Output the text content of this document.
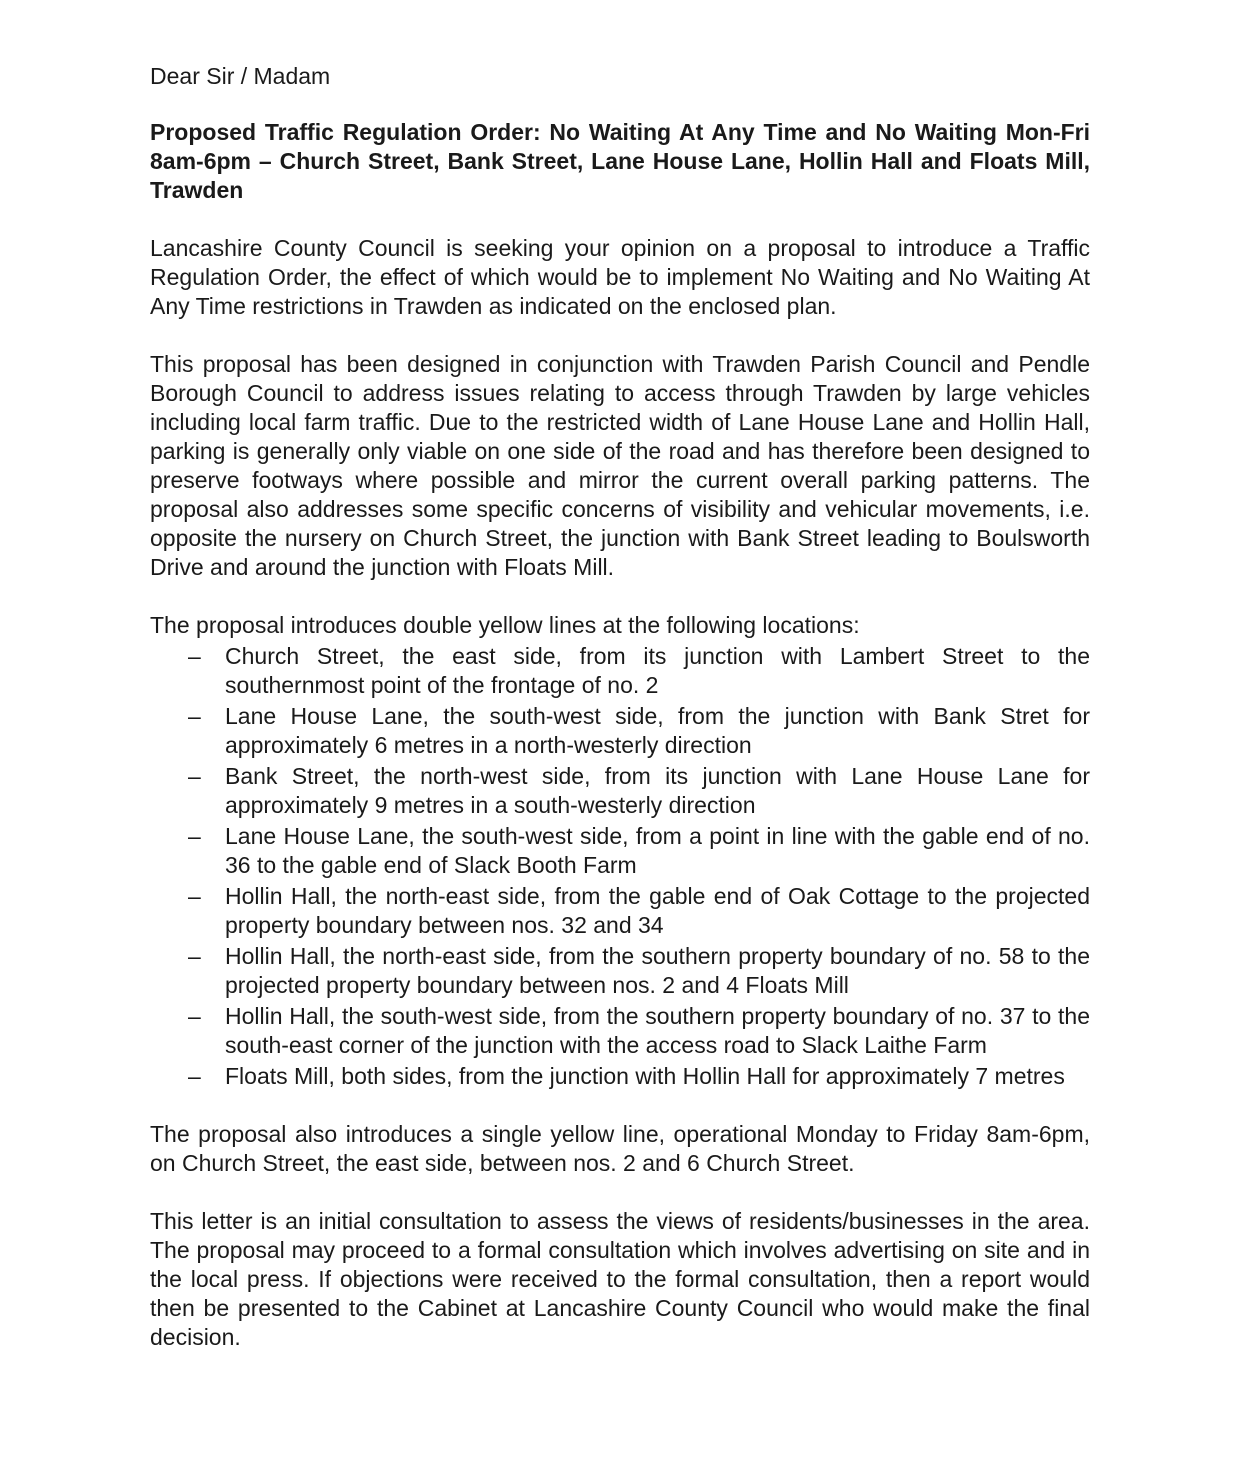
Dear Sir / Madam

Proposed Traffic Regulation Order: No Waiting At Any Time and No Waiting Mon-Fri 8am-6pm – Church Street, Bank Street, Lane House Lane, Hollin Hall and Floats Mill, Trawden

Lancashire County Council is seeking your opinion on a proposal to introduce a Traffic Regulation Order, the effect of which would be to implement No Waiting and No Waiting At Any Time restrictions in Trawden as indicated on the enclosed plan.

This proposal has been designed in conjunction with Trawden Parish Council and Pendle Borough Council to address issues relating to access through Trawden by large vehicles including local farm traffic. Due to the restricted width of Lane House Lane and Hollin Hall, parking is generally only viable on one side of the road and has therefore been designed to preserve footways where possible and mirror the current overall parking patterns. The proposal also addresses some specific concerns of visibility and vehicular movements, i.e. opposite the nursery on Church Street, the junction with Bank Street leading to Boulsworth Drive and around the junction with Floats Mill.

The proposal introduces double yellow lines at the following locations:

– Church Street, the east side, from its junction with Lambert Street to the southernmost point of the frontage of no. 2
– Lane House Lane, the south-west side, from the junction with Bank Stret for approximately 6 metres in a north-westerly direction
– Bank Street, the north-west side, from its junction with Lane House Lane for approximately 9 metres in a south-westerly direction
– Lane House Lane, the south-west side, from a point in line with the gable end of no. 36 to the gable end of Slack Booth Farm
– Hollin Hall, the north-east side, from the gable end of Oak Cottage to the projected property boundary between nos. 32 and 34
– Hollin Hall, the north-east side, from the southern property boundary of no. 58 to the projected property boundary between nos. 2 and 4 Floats Mill
– Hollin Hall, the south-west side, from the southern property boundary of no. 37 to the south-east corner of the junction with the access road to Slack Laithe Farm
– Floats Mill, both sides, from the junction with Hollin Hall for approximately 7 metres

The proposal also introduces a single yellow line, operational Monday to Friday 8am-6pm, on Church Street, the east side, between nos. 2 and 6 Church Street.

This letter is an initial consultation to assess the views of residents/businesses in the area. The proposal may proceed to a formal consultation which involves advertising on site and in the local press. If objections were received to the formal consultation, then a report would then be presented to the Cabinet at Lancashire County Council who would make the final decision.
